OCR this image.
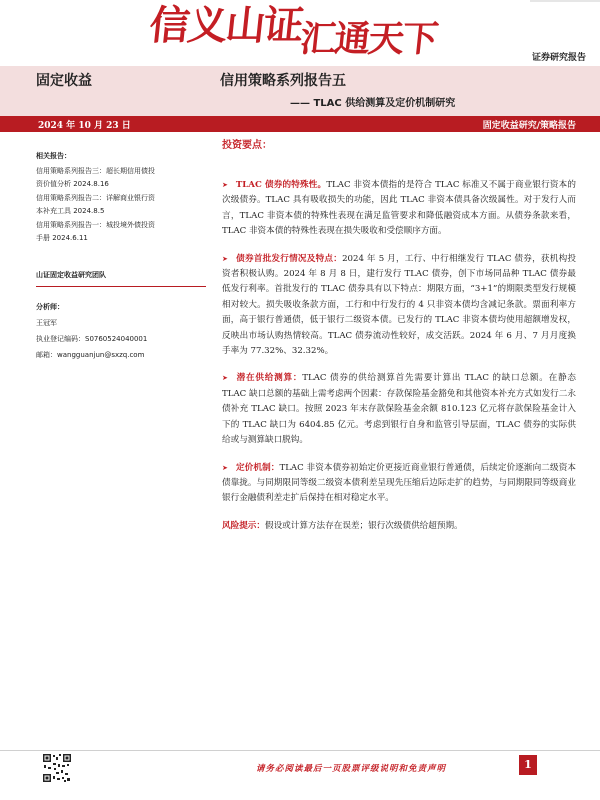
信义山证汇通天下	证券研究报告
固定收益	信用策略系列报告五
—— TLAC 供给测算及定价机制研究
2024 年 10 月 23 日	固定收益研究/策略报告
投资要点：
相关报告：
信用策略系列报告三：超长期信用债投
资价值分析 2024.8.16
信用策略系列报告二：详解商业银行资
本补充工具 2024.8.5
信用策略系列报告一：城投境外债投资
手册 2024.6.11
山证固定收益研究团队
分析师：
王冠军
执业登记编码：S0760524040001
邮箱：wangguanjun@sxzq.com
➤ TLAC 债券的特殊性。TLAC 非资本债指的是符合 TLAC 标准又不属于商业银行资本的次级债券。TLAC 具有吸收损失的功能，因此 TLAC 非资本债具备次级属性。对于发行人而言，TLAC 非资本债的特殊性表现在满足监管要求和降低融资成本方面。从债券条款来看，TLAC 非资本债的特殊性表现在损失吸收和受偿顺序方面。
➤ 债券首批发行情况及特点：2024 年 5 月，工行、中行相继发行 TLAC 债券，获机构投资者积极认购。2024 年 8 月 8 日，建行发行 TLAC 债券，创下市场同品种 TLAC 债券最低发行利率。首批发行的 TLAC 债券具有以下特点：期限方面，“3+1”的期限类型发行规模相对较大。损失吸收条款方面，工行和中行发行的 4 只非资本债均含减记条款。票面利率方面，高于银行普通债，低于银行二级资本债。已发行的 TLAC 非资本债均使用超额增发权，反映出市场认购热情较高。TLAC 债券流动性较好，成交活跃。2024 年 6 月、7 月月度换手率为 77.32%、32.32%。
➤ 潜在供给测算：TLAC 债券的供给测算首先需要计算出 TLAC 的缺口总额。在静态 TLAC 缺口总额的基础上需考虑两个因素：存款保险基金豁免和其他资本补充方式如发行二永债补充 TLAC 缺口。按照 2023 年末存款保险基金余额 810.123 亿元将存款保险基金计入下的 TLAC 缺口为 6404.85 亿元。考虑到银行自身和监管引导层面，TLAC 债券的实际供给或与测算缺口脱钩。
➤ 定价机制：TLAC 非资本债券初始定价更接近商业银行普通债，后续定价逐渐向二级资本债靠拢。与同期限同等级二级资本债利差呈现先压缩后边际走扩的趋势，与同期限同等级商业银行金融债利差走扩后保持在相对稳定水平。
风险提示：假设或计算方法存在误差；银行次级债供给超预期。
请务必阅读最后一页股票评级说明和免责声明	1
